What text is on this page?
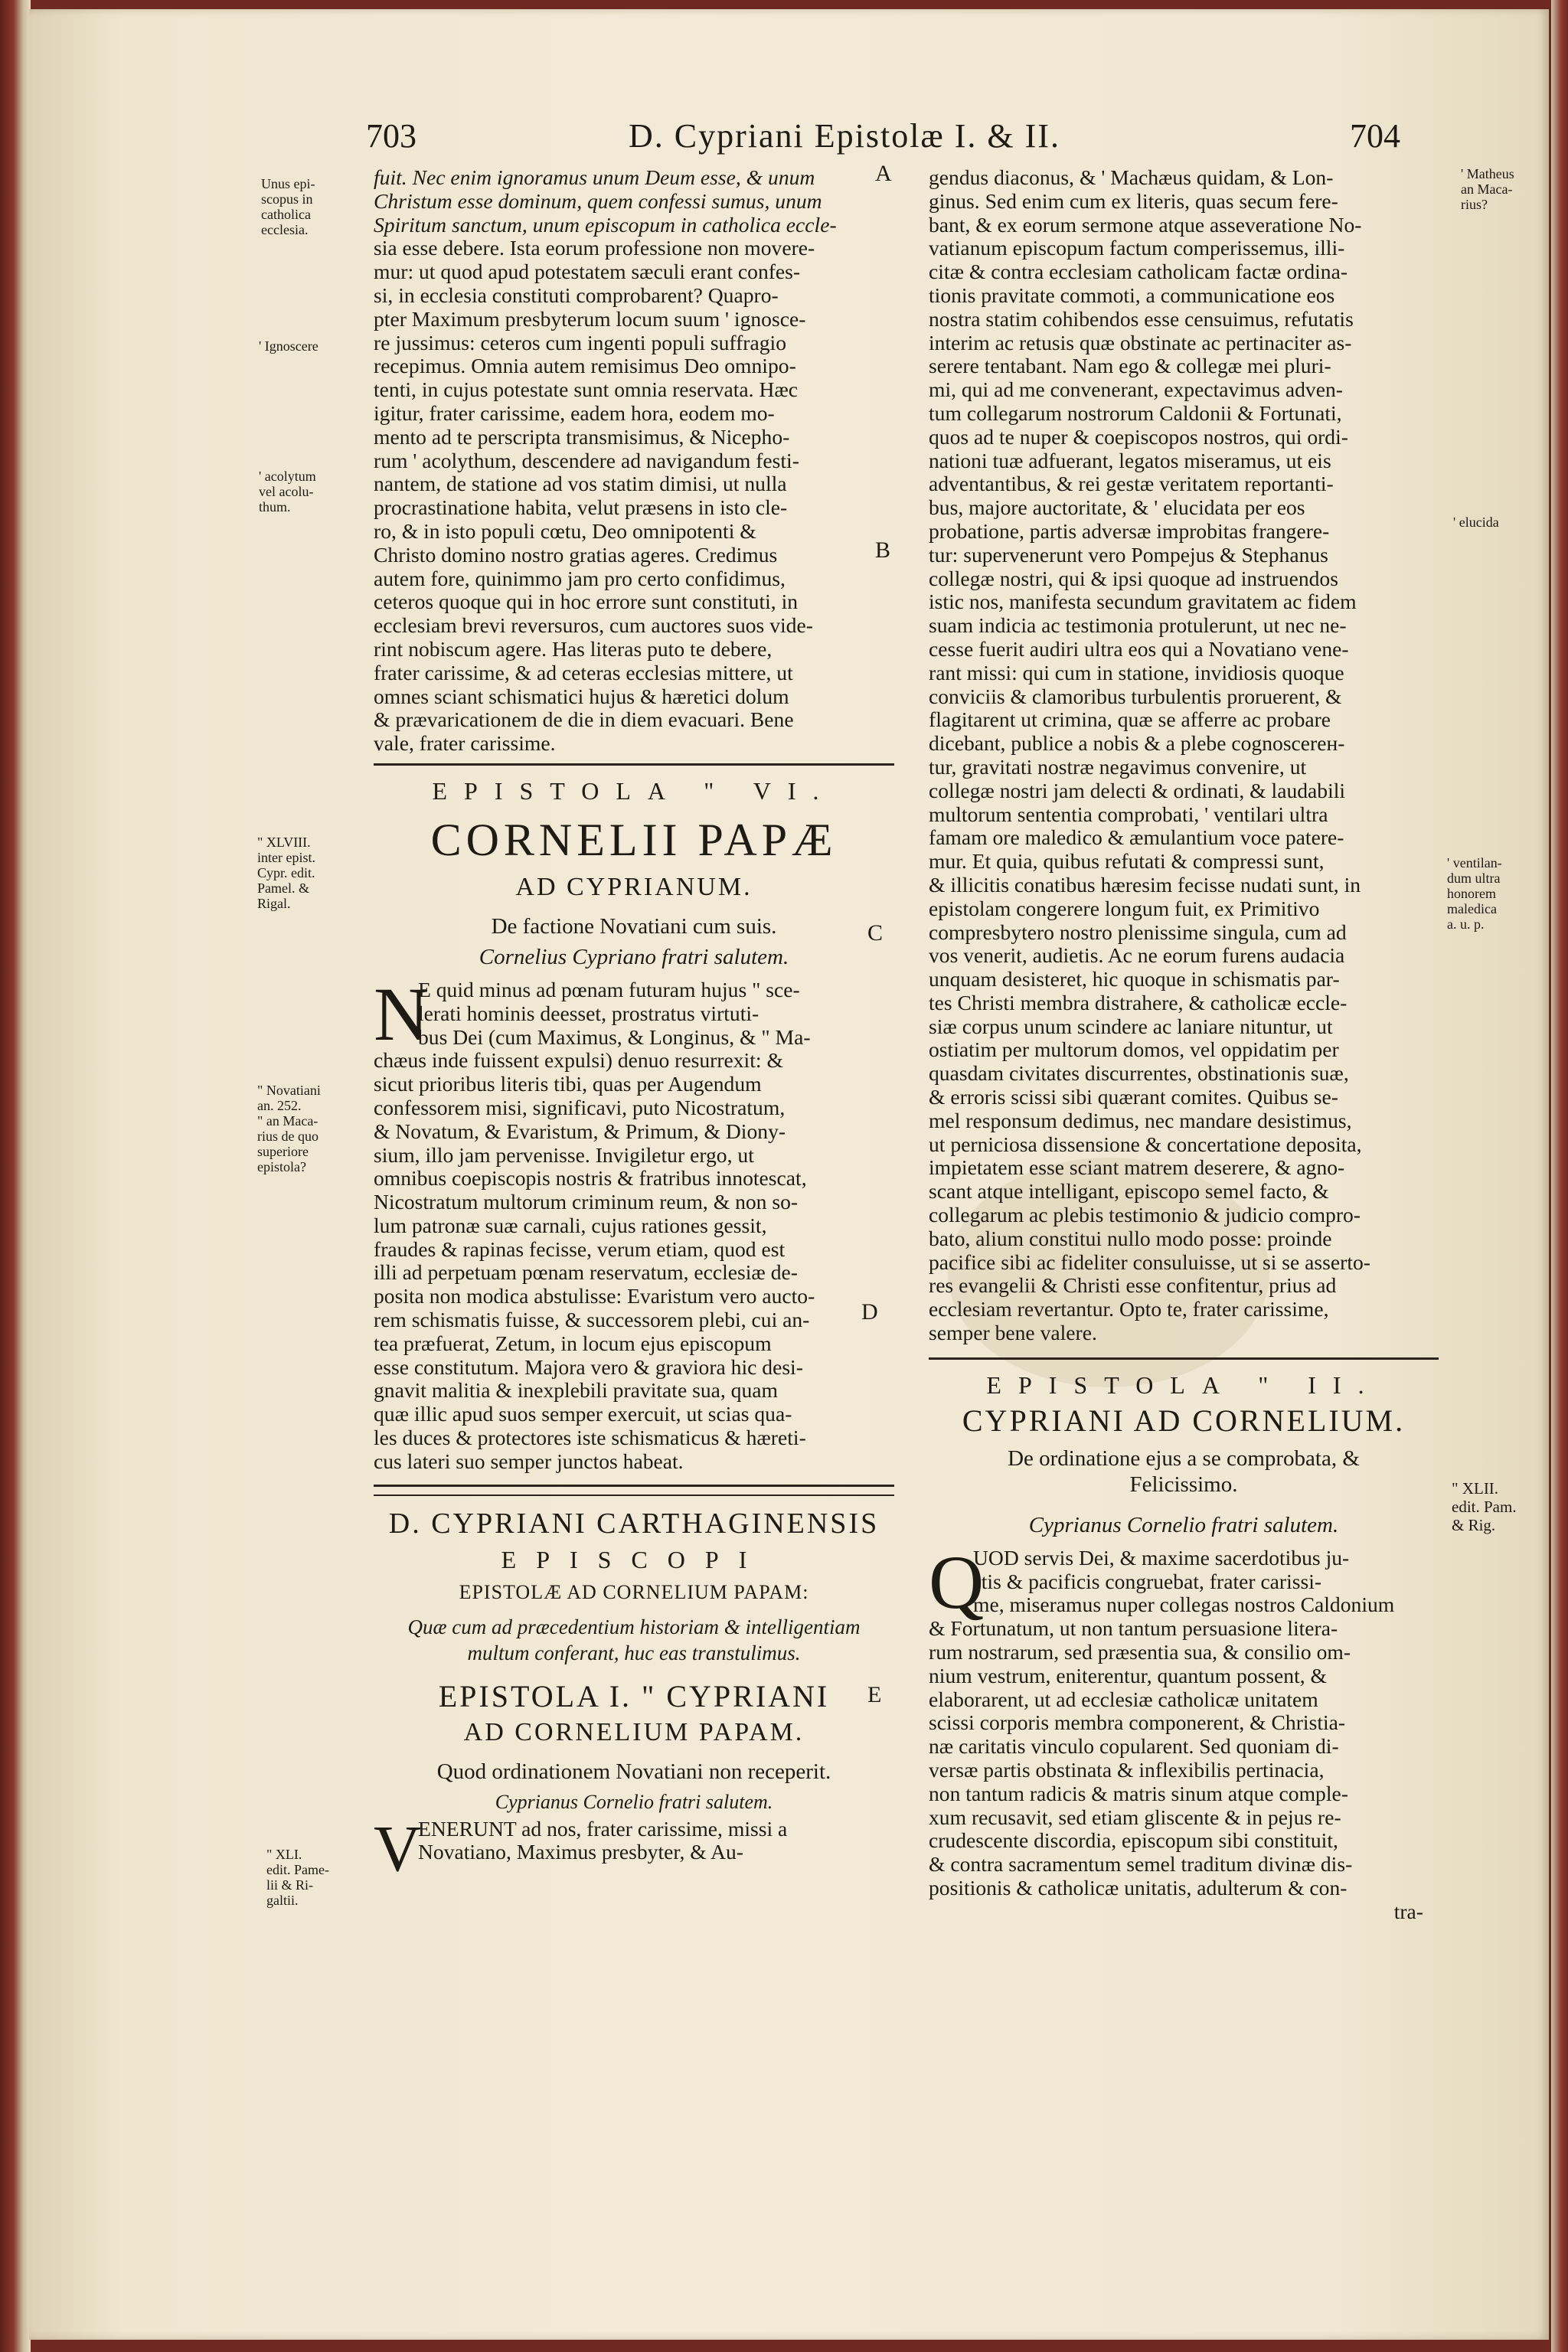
703	D. Cypriani Epistolæ I. & II.	704
A
B
C
D
E
Unus epi-
scopus in
catholica
ecclesia.
' Ignoscere
' acolytum
vel acolu-
thum.
" XLVIII.
inter epist.
Cypr. edit.
Pamel. &
Rigal.
" Novatiani
an. 252.
" an Maca-
rius de quo
superiore
epistola?
" XLI.
edit. Pame-
lii & Ri-
galtii.
' Matheus
an Maca-
rius?
' elucida
' ventilan-
dum ultra
honorem
maledica
a. u. p.
" XLII.
edit. Pam.
& Rig.
fuit. Nec enim ignoramus unum Deum esse, & unum
Christum esse dominum, quem confessi sumus, unum
Spiritum sanctum, unum episcopum in catholica eccle-
sia esse debere. Ista eorum professione non movere-
mur: ut quod apud potestatem sæculi erant confes-
si, in ecclesia constituti comprobarent? Quapro-
pter Maximum presbyterum locum suum ' ignosce-
re jussimus: ceteros cum ingenti populi suffragio
recepimus. Omnia autem remisimus Deo omnipo-
tenti, in cujus potestate sunt omnia reservata. Hæc
igitur, frater carissime, eadem hora, eodem mo-
mento ad te perscripta transmisimus, & Nicepho-
rum ' acolythum, descendere ad navigandum festi-
nantem, de statione ad vos statim dimisi, ut nulla
procrastinatione habita, velut præsens in isto cle-
ro, & in isto populi cœtu, Deo omnipotenti &
Christo domino nostro gratias ageres. Credimus
autem fore, quinimmo jam pro certo confidimus,
ceteros quoque qui in hoc errore sunt constituti, in
ecclesiam brevi reversuros, cum auctores suos vide-
rint nobiscum agere. Has literas puto te debere,
frater carissime, & ad ceteras ecclesias mittere, ut
omnes sciant schismatici hujus & hæretici dolum
& prævaricationem de die in diem evacuari. Bene
vale, frater carissime.
EPISTOLA " VI.
CORNELII PAPÆ
AD CYPRIANUM.
De factione Novatiani cum suis.
Cornelius Cypriano fratri salutem.
N
E quid minus ad pœnam futuram hujus " sce-
lerati hominis deesset, prostratus virtuti-
bus Dei (cum Maximus, & Longinus, & " Ma-
chæus inde fuissent expulsi) denuo resurrexit: &
sicut prioribus literis tibi, quas per Augendum
confessorem misi, significavi, puto Nicostratum,
& Novatum, & Evaristum, & Primum, & Diony-
sium, illo jam pervenisse. Invigiletur ergo, ut
omnibus coepiscopis nostris & fratribus innotescat,
Nicostratum multorum criminum reum, & non so-
lum patronæ suæ carnali, cujus rationes gessit,
fraudes & rapinas fecisse, verum etiam, quod est
illi ad perpetuam pœnam reservatum, ecclesiæ de-
posita non modica abstulisse: Evaristum vero aucto-
rem schismatis fuisse, & successorem plebi, cui an-
tea præfuerat, Zetum, in locum ejus episcopum
esse constitutum. Majora vero & graviora hic desi-
gnavit malitia & inexplebili pravitate sua, quam
quæ illic apud suos semper exercuit, ut scias qua-
les duces & protectores iste schismaticus & hæreti-
cus lateri suo semper junctos habeat.
D. CYPRIANI CARTHAGINENSIS
EPISCOPI
EPISTOLÆ AD CORNELIUM PAPAM:
Quæ cum ad præcedentium historiam & intelligentiam
multum conferant, huc eas transtulimus.
EPISTOLA I. " CYPRIANI
AD CORNELIUM PAPAM.
Quod ordinationem Novatiani non receperit.
Cyprianus Cornelio fratri salutem.
V
ENERUNT ad nos, frater carissime, missi a
Novatiano, Maximus presbyter, & Au-
gendus diaconus, & ' Machæus quidam, & Lon-
ginus. Sed enim cum ex literis, quas secum fere-
bant, & ex eorum sermone atque asseveratione No-
vatianum episcopum factum comperissemus, illi-
citæ & contra ecclesiam catholicam factæ ordina-
tionis pravitate commoti, a communicatione eos
nostra statim cohibendos esse censuimus, refutatis
interim ac retusis quæ obstinate ac pertinaciter as-
serere tentabant. Nam ego & collegæ mei pluri-
mi, qui ad me convenerant, expectavimus adven-
tum collegarum nostrorum Caldonii & Fortunati,
quos ad te nuper & coepiscopos nostros, qui ordi-
nationi tuæ adfuerant, legatos miseramus, ut eis
adventantibus, & rei gestæ veritatem reportanti-
bus, majore auctoritate, & ' elucidata per eos
probatione, partis adversæ improbitas frangere-
tur: supervenerunt vero Pompejus & Stephanus
collegæ nostri, qui & ipsi quoque ad instruendos
istic nos, manifesta secundum gravitatem ac fidem
suam indicia ac testimonia protulerunt, ut nec ne-
cesse fuerit audiri ultra eos qui a Novatiano vene-
rant missi: qui cum in statione, invidiosis quoque
conviciis & clamoribus turbulentis proruerent, &
flagitarent ut crimina, quæ se afferre ac probare
dicebant, publice a nobis & a plebe cognoscerен-
tur, gravitati nostræ negavimus convenire, ut
collegæ nostri jam delecti & ordinati, & laudabili
multorum sententia comprobati, ' ventilari ultra
famam ore maledico & æmulantium voce paterе-
mur. Et quia, quibus refutati & compressi sunt,
& illicitis conatibus hæresim fecisse nudati sunt, in
epistolam congerere longum fuit, ex Primitivo
compresbytero nostro plenissime singula, cum ad
vos venerit, audietis. Ac ne eorum furens audacia
unquam desisteret, hic quoque in schismatis par-
tes Christi membra distrahere, & catholicæ eccle-
siæ corpus unum scindere ac laniare nituntur, ut
ostiatim per multorum domos, vel oppidatim per
quasdam civitates discurrentes, obstinationis suæ,
& erroris scissi sibi quærant comites. Quibus se-
mel responsum dedimus, nec mandare desistimus,
ut perniciosa dissensione & concertatione deposita,
impietatem esse sciant matrem deserere, & agno-
scant atque intelligant, episcopo semel facto, &
collegarum ac plebis testimonio & judicio compro-
bato, alium constitui nullo modo posse: proinde
pacifice sibi ac fideliter consuluisse, ut si se asserto-
res evangelii & Christi esse confitentur, prius ad
ecclesiam revertantur. Opto te, frater carissime,
semper bene valere.
EPISTOLA " II.
CYPRIANI AD CORNELIUM.
De ordinatione ejus a se comprobata, &
Felicissimo.
Cyprianus Cornelio fratri salutem.
Q
UOD servis Dei, & maxime sacerdotibus ju-
stis & pacificis congruebat, frater carissi-
me, miseramus nuper collegas nostros Caldonium
& Fortunatum, ut non tantum persuasione litera-
rum nostrarum, sed præsentia sua, & consilio om-
nium vestrum, eniterentur, quantum possent, &
elaborarent, ut ad ecclesiæ catholicæ unitatem
scissi corporis membra componerent, & Christia-
næ caritatis vinculo copularent. Sed quoniam di-
versæ partis obstinata & inflexibilis pertinacia,
non tantum radicis & matris sinum atque comple-
xum recusavit, sed etiam gliscente & in pejus re-
crudescente discordia, episcopum sibi constituit,
& contra sacramentum semel traditum divinæ dis-
positionis & catholicæ unitatis, adulterum & con-
tra-
